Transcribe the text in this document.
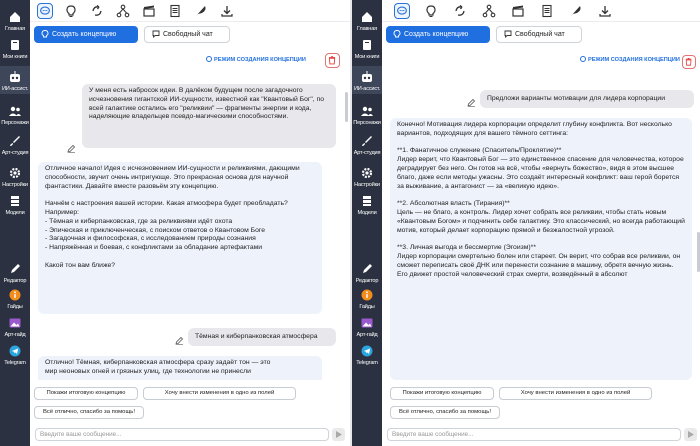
Главная
Мои книги
ИИ-ассист.
Персонажи
Арт-студия
Настройки
Модели
Редактор
Гайды
Арт-гайд
Telegram
Создать концепцию	Свободный чат
РЕЖИМ СОЗДАНИЯ КОНЦЕПЦИИ
У меня есть набросок идеи. В далёком будущем после загадочного исчезновения гигантской ИИ-сущности, известной как "Квантовый Бог", по всей галактике остались его "реликвии" — фрагменты энергии и кода, наделяющие владельцев псевдо-магическими способностями.
Отличное начало! Идея с исчезновением ИИ-сущности и реликвиями, дающими способности, звучит очень интригующе. Это прекрасная основа для научной фантастики. Давайте вместе разовьём эту концепцию.

Начнём с настроения вашей истории. Какая атмосфера будет преобладать? Например:
- Тёмная и киберпанковская, где за реликвиями идёт охота
- Эпическая и приключенческая, с поиском ответов о Квантовом Боге
- Загадочная и философская, с исследованием природы сознания
- Напряжённая и боевая, с конфликтами за обладание артефактами

Какой тон вам ближе?
Тёмная и киберпанковская атмосфера
Отлично! Тёмная, киберпанковская атмосфера сразу задаёт тон — это
мир неоновых огней и грязных улиц, где технологии не принесли
Покажи итоговую концепцию	Хочу внести изменения в одно из полей
Всё отлично, спасибо за помощь!
Введите ваше сообщение...
Главная
Мои книги
ИИ-ассист.
Персонажи
Арт-студия
Настройки
Модели
Редактор
Гайды
Арт-гайд
Telegram
Создать концепцию	Свободный чат
РЕЖИМ СОЗДАНИЯ КОНЦЕПЦИИ
Предложи варианты мотивации для лидера корпорации
Конечно! Мотивация лидера корпорации определит глубину конфликта. Вот несколько вариантов, подходящих для вашего тёмного сеттинга:

**1. Фанатичное служение (Спаситель/Проклятие)**
Лидер верит, что Квантовый Бог — это единственное спасение для человечества, которое деградирует без него. Он готов на всё, чтобы «вернуть божество», видя в этом высшее благо, даже если методы ужасны. Это создаёт интересный конфликт: ваш герой борется за выживание, а антагонист — за «великую идею».

**2. Абсолютная власть (Тирания)**
Цель — не благо, а контроль. Лидер хочет собрать все реликвии, чтобы стать новым «Квантовым Богом» и подчинить себе галактику. Это классический, но всегда работающий мотив, который делает корпорацию прямой и безжалостной угрозой.

**3. Личная выгода и бессмертие (Эгоизм)**
Лидер корпорации смертельно болен или стареет. Он верит, что собрав все реликвии, он сможет переписать своё ДНК или перенести сознание в машину, обретя вечную жизнь. Его движет простой человеческий страх смерти, возведённый в абсолют
Покажи итоговую концепцию	Хочу внести изменения в одно из полей
Всё отлично, спасибо за помощь!
Введите ваше сообщение...
